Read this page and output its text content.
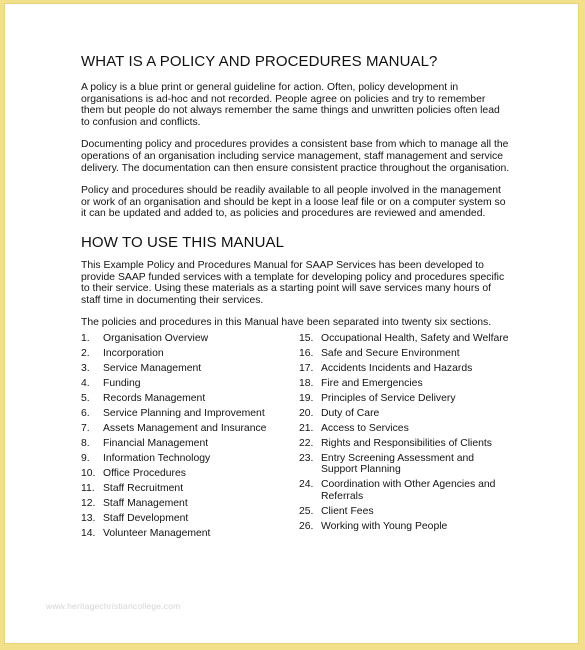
WHAT IS A POLICY AND PROCEDURES MANUAL?

A policy is a blue print or general guideline for action. Often, policy development in organisations is ad-hoc and not recorded. People agree on policies and try to remember them but people do not always remember the same things and unwritten policies often lead to confusion and conflicts.

Documenting policy and procedures provides a consistent base from which to manage all the operations of an organisation including service management, staff management and service delivery. The documentation can then ensure consistent practice throughout the organisation.

Policy and procedures should be readily available to all people involved in the management or work of an organisation and should be kept in a loose leaf file or on a computer system so it can be updated and added to, as policies and procedures are reviewed and amended.

HOW TO USE THIS MANUAL

This Example Policy and Procedures Manual for SAAP Services has been developed to provide SAAP funded services with a template for developing policy and procedures specific to their service. Using these materials as a starting point will save services many hours of staff time in documenting their services.

The policies and procedures in this Manual have been separated into twenty six sections.

1.	Organisation Overview
2.	Incorporation
3.	Service Management
4.	Funding
5.	Records Management
6.	Service Planning and Improvement
7.	Assets Management and Insurance
8.	Financial Management
9.	Information Technology
10. Office Procedures
11. Staff Recruitment
12. Staff Management
13. Staff Development
14. Volunteer Management
15. Occupational Health, Safety and Welfare
16. Safe and Secure Environment
17. Accidents Incidents and Hazards
18. Fire and Emergencies
19. Principles of Service Delivery
20. Duty of Care
21. Access to Services
22. Rights and Responsibilities of Clients
23. Entry Screening Assessment and Support Planning
24. Coordination with Other Agencies and Referrals
25. Client Fees
26. Working with Young People
www.heritagechristiancollege.com
